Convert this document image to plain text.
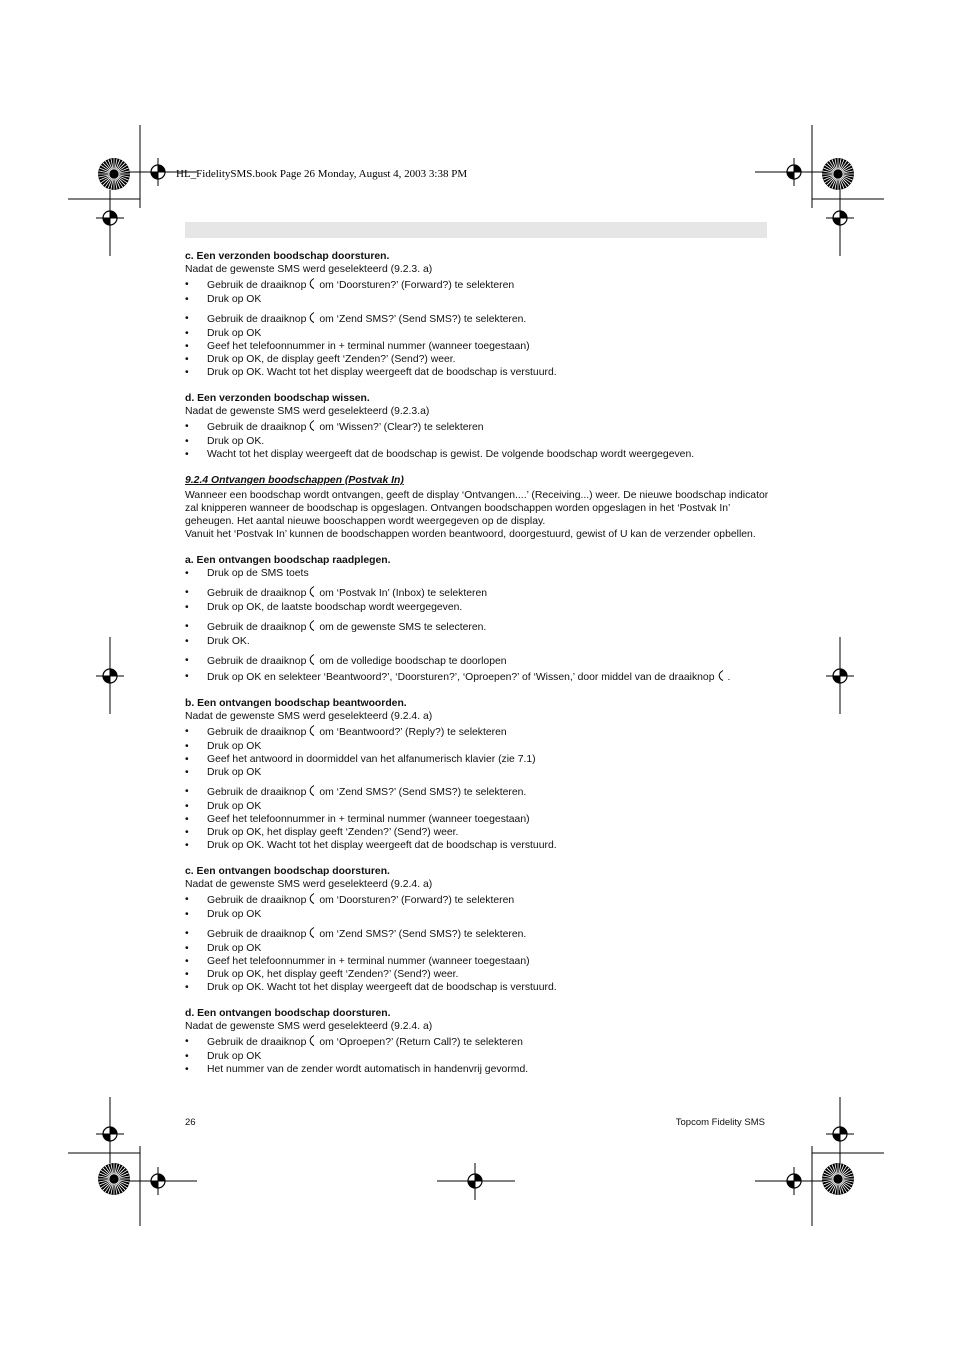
HL_FidelitySMS.book Page 26 Monday, August 4, 2003 3:38 PM

c. Een verzonden boodschap doorsturen.

Nadat de gewenste SMS werd geselekteerd (9.2.3. a)

• Gebruik de draaiknop om ‘Doorsturen?’ (Forward?) te selekteren
• Druk op OK
• Gebruik de draaiknop om ‘Zend SMS?’ (Send SMS?) te selekteren.
• Druk op OK
• Geef het telefoonnummer in + terminal nummer (wanneer toegestaan)
• Druk op OK, de display geeft ‘Zenden?’ (Send?) weer.
• Druk op OK. Wacht tot het display weergeeft dat de boodschap is verstuurd.

d. Een verzonden boodschap wissen.

Nadat de gewenste SMS werd geselekteerd (9.2.3.a)

• Gebruik de draaiknop om ‘Wissen?’ (Clear?) te selekteren
• Druk op OK.
• Wacht tot het display weergeeft dat de boodschap is gewist. De volgende boodschap wordt weergegeven.

9.2.4 Ontvangen boodschappen (Postvak In)

Wanneer een boodschap wordt ontvangen, geeft de display ‘Ontvangen....’ (Receiving...) weer. De nieuwe boodschap indicator zal knipperen wanneer de boodschap is opgeslagen. Ontvangen boodschappen worden opgeslagen in het ‘Postvak In’ geheugen. Het aantal nieuwe booschappen wordt weergegeven op de display.

Vanuit het ‘Postvak In’ kunnen de boodschappen worden beantwoord, doorgestuurd, gewist of U kan de verzender opbellen.

a. Een ontvangen boodschap raadplegen.

• Druk op de SMS toets
• Gebruik de draaiknop om ‘Postvak In’ (Inbox) te selekteren
• Druk op OK, de laatste boodschap wordt weergegeven.
• Gebruik de draaiknop om de gewenste SMS te selecteren.
• Druk OK.
• Gebruik de draaiknop om de volledige boodschap te doorlopen
• Druk op OK en selekteer ‘Beantwoord?’, ‘Doorsturen?’, ‘Oproepen?’ of ‘Wissen,’ door middel van de draaiknop .

b. Een ontvangen boodschap beantwoorden.

Nadat de gewenste SMS werd geselekteerd (9.2.4. a)

• Gebruik de draaiknop om ‘Beantwoord?’ (Reply?) te selekteren
• Druk op OK
• Geef het antwoord in doormiddel van het alfanumerisch klavier (zie 7.1)
• Druk op OK
• Gebruik de draaiknop om ‘Zend SMS?’ (Send SMS?) te selekteren.
• Druk op OK
• Geef het telefoonnummer in + terminal nummer (wanneer toegestaan)
• Druk op OK, het display geeft ‘Zenden?’ (Send?) weer.
• Druk op OK. Wacht tot het display weergeeft dat de boodschap is verstuurd.

c. Een ontvangen boodschap doorsturen.

Nadat de gewenste SMS werd geselekteerd (9.2.4. a)

• Gebruik de draaiknop om ‘Doorsturen?’ (Forward?) te selekteren
• Druk op OK
• Gebruik de draaiknop om ‘Zend SMS?’ (Send SMS?) te selekteren.
• Druk op OK
• Geef het telefoonnummer in + terminal nummer (wanneer toegestaan)
• Druk op OK, het display geeft ‘Zenden?’ (Send?) weer.
• Druk op OK. Wacht tot het display weergeeft dat de boodschap is verstuurd.

d. Een ontvangen boodschap doorsturen.

Nadat de gewenste SMS werd geselekteerd (9.2.4. a)

• Gebruik de draaiknop om ‘Oproepen?’ (Return Call?) te selekteren
• Druk op OK
• Het nummer van de zender wordt automatisch in handenvrij gevormd.
26	Topcom Fidelity SMS
